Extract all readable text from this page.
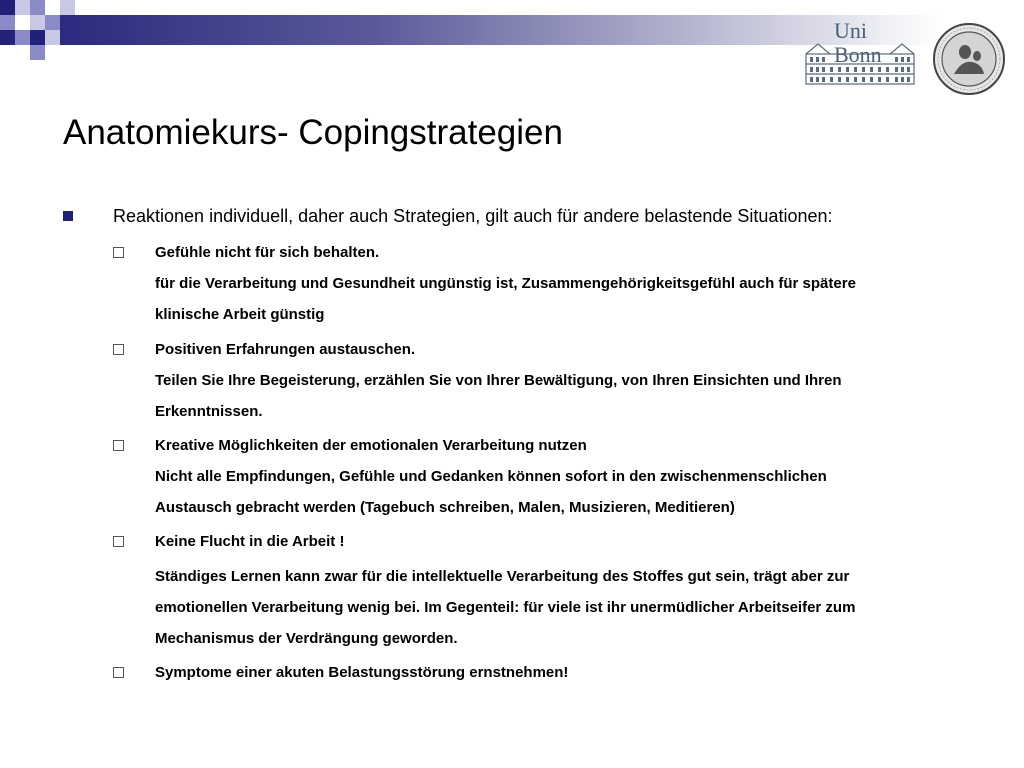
Uni
Bonn
Anatomiekurs- Copingstrategien
Reaktionen individuell, daher auch Strategien, gilt auch für andere belastende Situationen:
Gefühle nicht für sich behalten.
für die Verarbeitung und Gesundheit ungünstig ist, Zusammengehörigkeitsgefühl auch für spätere
klinische Arbeit günstig
Positiven Erfahrungen austauschen.
Teilen Sie Ihre Begeisterung, erzählen Sie von Ihrer Bewältigung, von Ihren Einsichten und Ihren
Erkenntnissen.
Kreative Möglichkeiten der emotionalen Verarbeitung nutzen
Nicht alle Empfindungen, Gefühle und Gedanken können sofort in den zwischenmenschlichen
Austausch gebracht werden (Tagebuch schreiben, Malen, Musizieren, Meditieren)
Keine Flucht in die Arbeit !
Ständiges Lernen kann zwar für die intellektuelle Verarbeitung des Stoffes gut sein, trägt aber zur
emotionellen Verarbeitung wenig bei. Im Gegenteil: für viele ist ihr unermüdlicher Arbeitseifer zum
Mechanismus der Verdrängung geworden.
Symptome einer akuten Belastungsstörung ernstnehmen!
